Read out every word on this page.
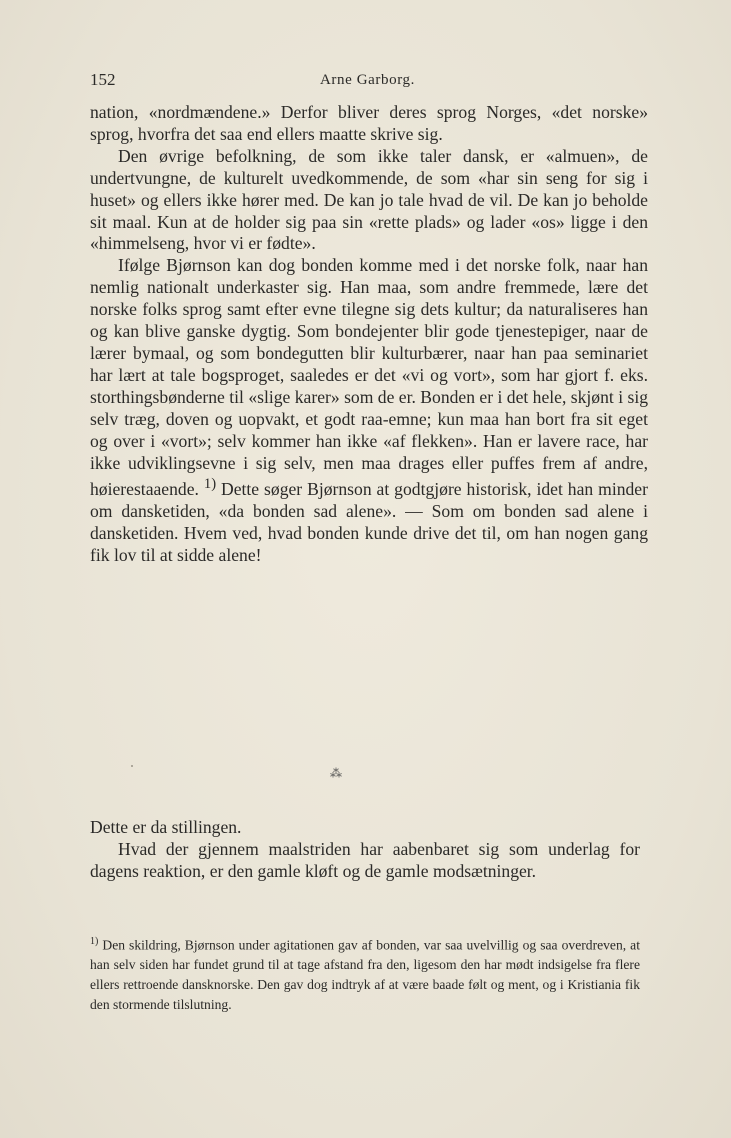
152	Arne Garborg.

nation, «nordmændene.» Derfor bliver deres sprog Norges, «det norske» sprog, hvorfra det saa end ellers maatte skrive sig.

Den øvrige befolkning, de som ikke taler dansk, er «almuen», de undertvungne, de kulturelt uvedkommende, de som «har sin seng for sig i huset» og ellers ikke hører med. De kan jo tale hvad de vil. De kan jo beholde sit maal. Kun at de holder sig paa sin «rette plads» og lader «os» ligge i den «himmelseng, hvor vi er fødte».

Ifølge Bjørnson kan dog bonden komme med i det norske folk, naar han nemlig nationalt underkaster sig. Han maa, som andre fremmede, lære det norske folks sprog samt efter evne tilegne sig dets kultur; da naturaliseres han og kan blive ganske dygtig. Som bondejenter blir gode tjenestepiger, naar de lærer bymaal, og som bondegutten blir kulturbærer, naar han paa seminariet har lært at tale bogsproget, saaledes er det «vi og vort», som har gjort f. eks. storthingsbønderne til «slige karer» som de er. Bonden er i det hele, skjønt i sig selv træg, doven og uopvakt, et godt raa-emne; kun maa han bort fra sit eget og over i «vort»; selv kommer han ikke «af flekken». Han er lavere race, har ikke udviklingsevne i sig selv, men maa drages eller puffes frem af andre, høierestaaende. $^{1)}$ Dette søger Bjørnson at godtgjøre historisk, idet han minder om dansketiden, «da bonden sad alene». — Som om bonden sad alene i dansketiden. Hvem ved, hvad bonden kunde drive det til, om han nogen gang fik lov til at sidde alene!

⁂

Dette er da stillingen.

Hvad der gjennem maalstriden har aabenbaret sig som underlag for dagens reaktion, er den gamle kløft og de gamle modsætninger.

$^{1)}$ Den skildring, Bjørnson under agitationen gav af bonden, var saa uvelvillig og saa overdreven, at han selv siden har fundet grund til at tage afstand fra den, ligesom den har mødt indsigelse fra flere ellers rettroende dansknorske. Den gav dog indtryk af at være baade følt og ment, og i Kristiania fik den stormende tilslutning.
